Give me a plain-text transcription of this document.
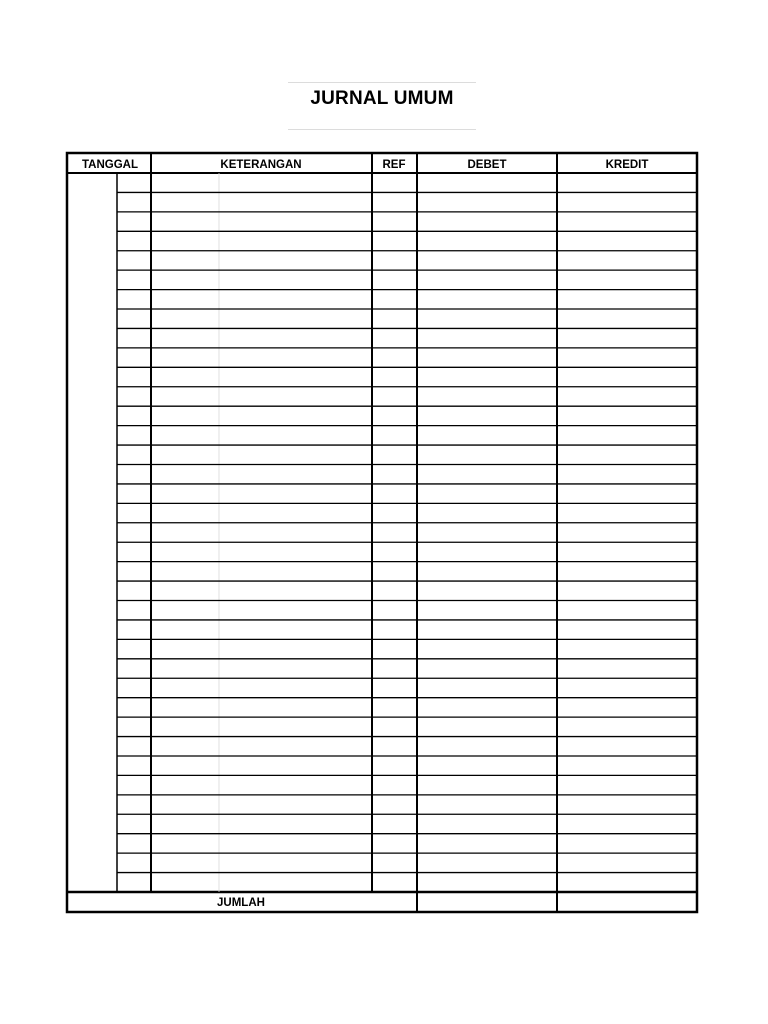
JURNAL UMUM
TANGGAL	KETERANGAN	REF	DEBET	KREDIT
JUMLAH
